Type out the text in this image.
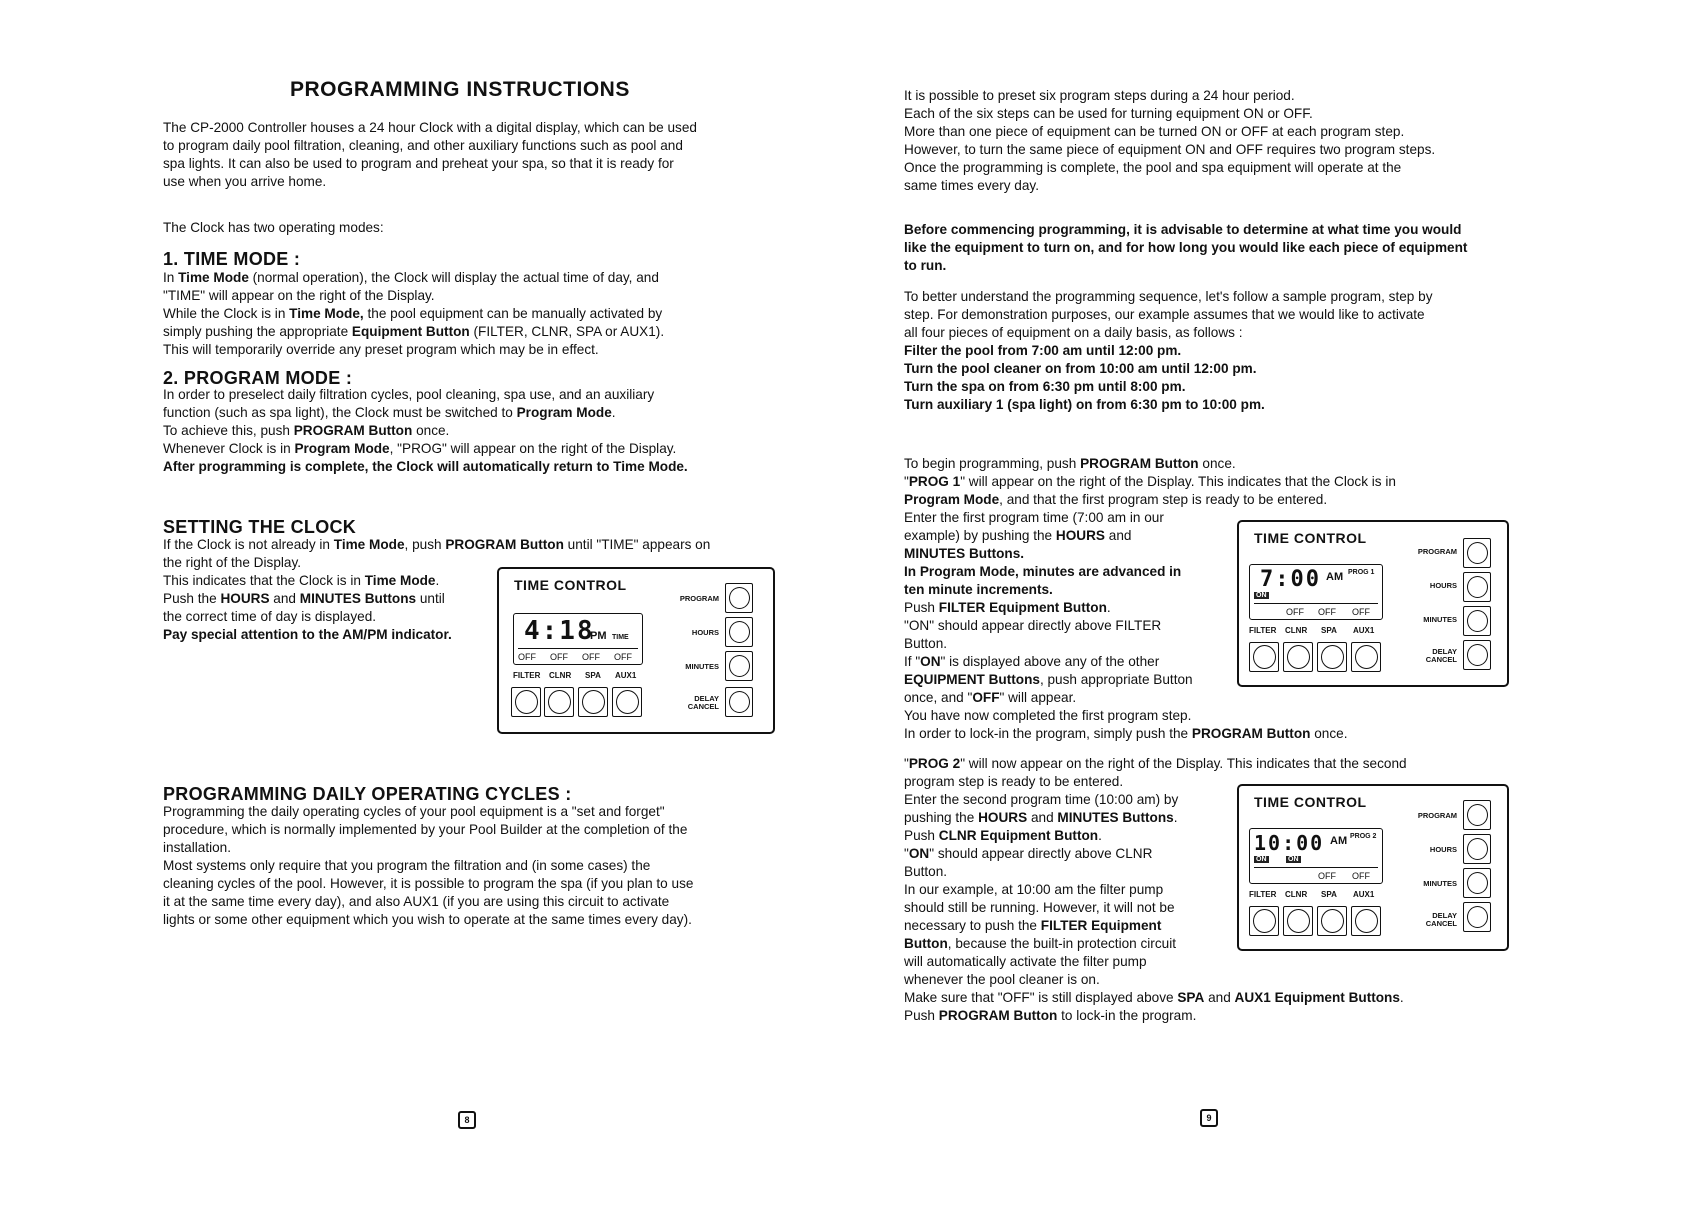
PROGRAMMING INSTRUCTIONS

The CP-2000 Controller houses a 24 hour Clock with a digital display, which can be used

to program daily pool filtration, cleaning, and other auxiliary functions such as pool and

spa lights. It can also be used to program and preheat your spa, so that it is ready for

use when you arrive home.

The Clock has two operating modes:
1. TIME MODE :

In Time Mode (normal operation), the Clock will display the actual time of day, and

"TIME" will appear on the right of the Display.

While the Clock is in Time Mode, the pool equipment can be manually activated by

simply pushing the appropriate Equipment Button (FILTER, CLNR, SPA or AUX1).

This will temporarily override any preset program which may be in effect.

2. PROGRAM MODE :

In order to preselect daily filtration cycles, pool cleaning, spa use, and an auxiliary

function (such as spa light), the Clock must be switched to Program Mode.

To achieve this, push PROGRAM Button once.

Whenever Clock is in Program Mode, "PROG" will appear on the right of the Display.

After programming is complete, the Clock will automatically return to Time Mode.

SETTING THE CLOCK

If the Clock is not already in Time Mode, push PROGRAM Button until "TIME" appears on

the right of the Display.

This indicates that the Clock is in Time Mode.

Push the HOURS and MINUTES Buttons until

the correct time of day is displayed.

Pay special attention to the AM/PM indicator.

TIME CONTROL
4:18
PM TIME
OFF OFF OFF OFF
FILTER CLNR SPA AUX1
PROGRAM
HOURS
MINUTES
DELAY
CANCEL
PROGRAMMING DAILY OPERATING CYCLES :

Programming the daily operating cycles of your pool equipment is a "set and forget"

procedure, which is normally implemented by your Pool Builder at the completion of the

installation.

Most systems only require that you program the filtration and (in some cases) the

cleaning cycles of the pool. However, it is possible to program the spa (if you plan to use

it at the same time every day), and also AUX1 (if you are using this circuit to activate

lights or some other equipment which you wish to operate at the same times every day).

8

It is possible to preset six program steps during a 24 hour period.

Each of the six steps can be used for turning equipment ON or OFF.

More than one piece of equipment can be turned ON or OFF at each program step.

However, to turn the same piece of equipment ON and OFF requires two program steps.

Once the programming is complete, the pool and spa equipment will operate at the

same times every day.

Before commencing programming, it is advisable to determine at what time you would

like the equipment to turn on, and for how long you would like each piece of equipment

to run.

To better understand the programming sequence, let's follow a sample program, step by

step. For demonstration purposes, our example assumes that we would like to activate

all four pieces of equipment on a daily basis, as follows :

Filter the pool from 7:00 am until 12:00 pm.

Turn the pool cleaner on from 10:00 am until 12:00 pm.

Turn the spa on from 6:30 pm until 8:00 pm.

Turn auxiliary 1 (spa light) on from 6:30 pm to 10:00 pm.

To begin programming, push PROGRAM Button once.

"PROG 1" will appear on the right of the Display. This indicates that the Clock is in

Program Mode, and that the first program step is ready to be entered.

Enter the first program time (7:00 am in our

example) by pushing the HOURS and

MINUTES Buttons.

In Program Mode, minutes are advanced in

ten minute increments.

Push FILTER Equipment Button.

"ON" should appear directly above FILTER

Button.

If "ON" is displayed above any of the other

EQUIPMENT Buttons, push appropriate Button

once, and "OFF" will appear.

You have now completed the first program step.

In order to lock-in the program, simply push the PROGRAM Button once.

TIME CONTROL
7:00 AM PROG 1
ON
OFF OFF OFF
FILTER CLNR SPA AUX1
PROGRAM
HOURS
MINUTES
DELAY
CANCEL

"PROG 2" will now appear on the right of the Display. This indicates that the second

program step is ready to be entered.

Enter the second program time (10:00 am) by

pushing the HOURS and MINUTES Buttons.

Push CLNR Equipment Button.

"ON" should appear directly above CLNR

Button.

In our example, at 10:00 am the filter pump

should still be running. However, it will not be

necessary to push the FILTER Equipment

Button, because the built-in protection circuit

will automatically activate the filter pump

whenever the pool cleaner is on.

Make sure that "OFF" is still displayed above SPA and AUX1 Equipment Buttons.

Push PROGRAM Button to lock-in the program.

TIME CONTROL
10:00 AM PROG 2
ON	ON
OFF OFF
FILTER CLNR SPA AUX1
PROGRAM
HOURS
MINUTES
DELAY
CANCEL
9
